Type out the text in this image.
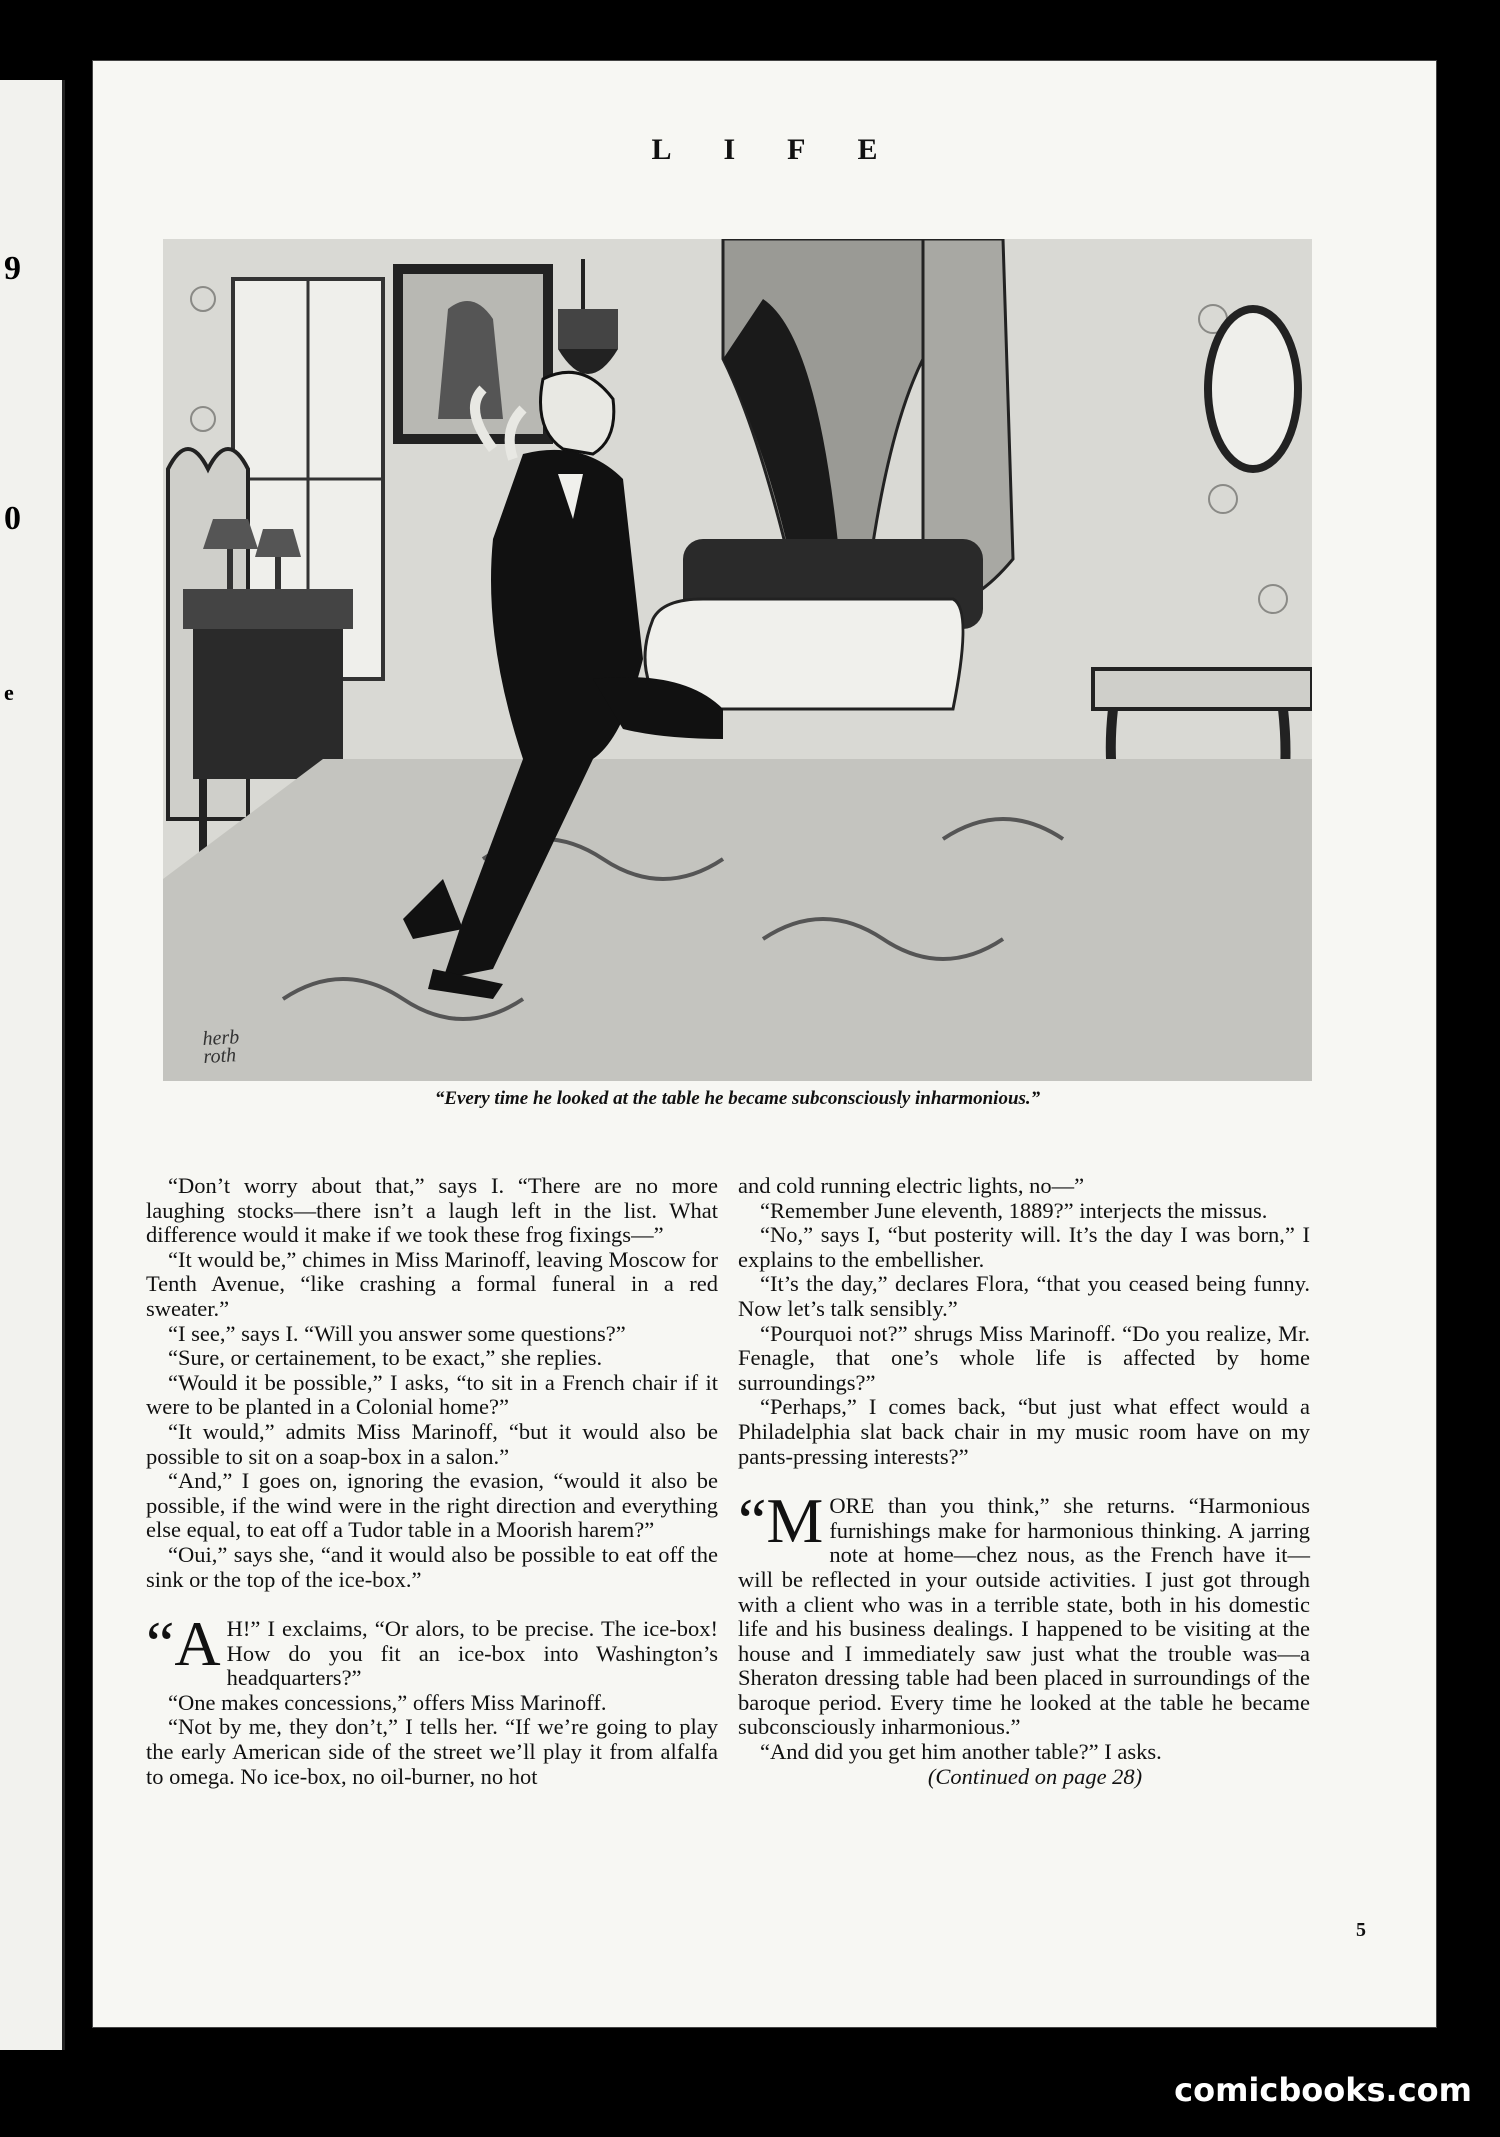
9
0
e
LIFE
herb
roth
“Every time he looked at the table he became subconsciously inharmonious.”

“Don’t worry about that,” says I. “There are no more laughing stocks—there isn’t a laugh left in the list. What difference would it make if we took these frog fixings—”

“It would be,” chimes in Miss Marinoff, leaving Moscow for Tenth Avenue, “like crashing a formal funeral in a red sweater.”

“I see,” says I. “Will you answer some questions?”

“Sure, or certainement, to be exact,” she replies.

“Would it be possible,” I asks, “to sit in a French chair if it were to be planted in a Colonial home?”

“It would,” admits Miss Marinoff, “but it would also be possible to sit on a soap-box in a salon.”

“And,” I goes on, ignoring the evasion, “would it also be possible, if the wind were in the right direction and everything else equal, to eat off a Tudor table in a Moorish harem?”

“Oui,” says she, “and it would also be possible to eat off the sink or the top of the ice-box.”

“A H!” I exclaims, “Or alors, to be precise. The ice-box! How do you fit an ice-box into Washington’s headquarters?”

“One makes concessions,” offers Miss Marinoff.

“Not by me, they don’t,” I tells her. “If we’re going to play the early American side of the street we’ll play it from alfalfa to omega. No ice-box, no oil-burner, no hot

and cold running electric lights, no—”

“Remember June eleventh, 1889?” interjects the missus.

“No,” says I, “but posterity will. It’s the day I was born,” I explains to the embellisher.

“It’s the day,” declares Flora, “that you ceased being funny. Now let’s talk sensibly.”

“Pourquoi not?” shrugs Miss Marinoff. “Do you realize, Mr. Fenagle, that one’s whole life is affected by home surroundings?”

“Perhaps,” I comes back, “but just what effect would a Philadelphia slat back chair in my music room have on my pants-pressing interests?”

“M ORE than you think,” she returns. “Harmonious furnishings make for harmonious thinking. A jarring note at home—chez nous, as the French have it—will be reflected in your outside activities. I just got through with a client who was in a terrible state, both in his domestic life and his business dealings. I happened to be visiting at the house and I immediately saw just what the trouble was—a Sheraton dressing table had been placed in surroundings of the baroque period. Every time he looked at the table he became subconsciously inharmonious.”

“And did you get him another table?” I asks.

(Continued on page 28)

5
comicbooks.com
